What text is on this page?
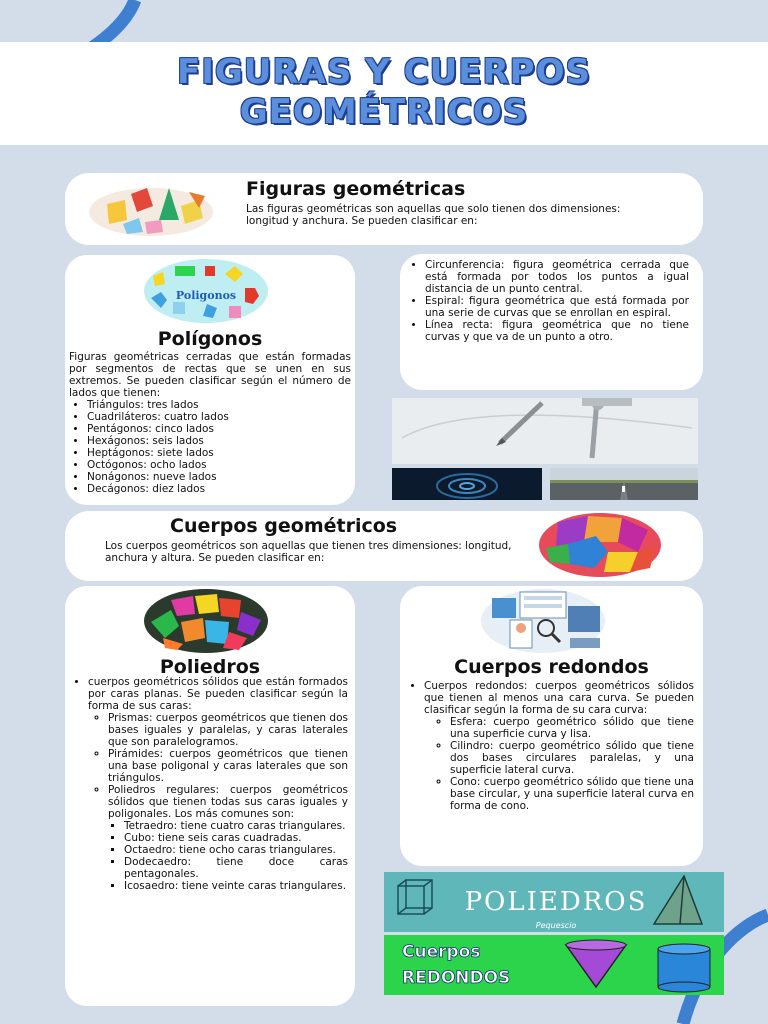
FIGURAS Y CUERPOS
GEOMÉTRICOS
Figuras geométricas
Las figuras geométricas son aquellas que solo tienen dos dimensiones: longitud y anchura. Se pueden clasificar en:
Poligonos
Polígonos
Figuras geométricas cerradas que están formadas por segmentos de rectas que se unen en sus extremos. Se pueden clasificar según el número de lados que tienen:
• Triángulos: tres lados
• Cuadriláteros: cuatro lados
• Pentágonos: cinco lados
• Hexágonos: seis lados
• Heptágonos: siete lados
• Octógonos: ocho lados
• Nonágonos: nueve lados
• Decágonos: diez lados
• Circunferencia: figura geométrica cerrada que está formada por todos los puntos a igual distancia de un punto central.
• Espiral: figura geométrica que está formada por una serie de curvas que se enrollan en espiral.
• Línea recta: figura geométrica que no tiene curvas y que va de un punto a otro.
Cuerpos geométricos
Los cuerpos geométricos son aquellas que tienen tres dimensiones: longitud, anchura y altura. Se pueden clasificar en:
Poliedros
• cuerpos geométricos sólidos que están formados por caras planas. Se pueden clasificar según la forma de sus caras:
◦ Prismas: cuerpos geométricos que tienen dos bases iguales y paralelas, y caras laterales que son paralelogramos.
◦ Pirámides: cuerpos geométricos que tienen una base poligonal y caras laterales que son triángulos.
◦ Poliedros regulares: cuerpos geométricos sólidos que tienen todas sus caras iguales y poligonales. Los más comunes son:
▪ Tetraedro: tiene cuatro caras triangulares.
▪ Cubo: tiene seis caras cuadradas.
▪ Octaedro: tiene ocho caras triangulares.
▪ Dodecaedro: tiene doce caras pentagonales.
▪ Icosaedro: tiene veinte caras triangulares.
Cuerpos redondos
• Cuerpos redondos: cuerpos geométricos sólidos que tienen al menos una cara curva. Se pueden clasificar según la forma de su cara curva:
◦ Esfera: cuerpo geométrico sólido que tiene una superficie curva y lisa.
◦ Cilindro: cuerpo geométrico sólido que tiene dos bases circulares paralelas, y una superficie lateral curva.
◦ Cono: cuerpo geométrico sólido que tiene una base circular, y una superficie lateral curva en forma de cono.
POLIEDROS
Pequescio
Cuerpos
REDONDOS
